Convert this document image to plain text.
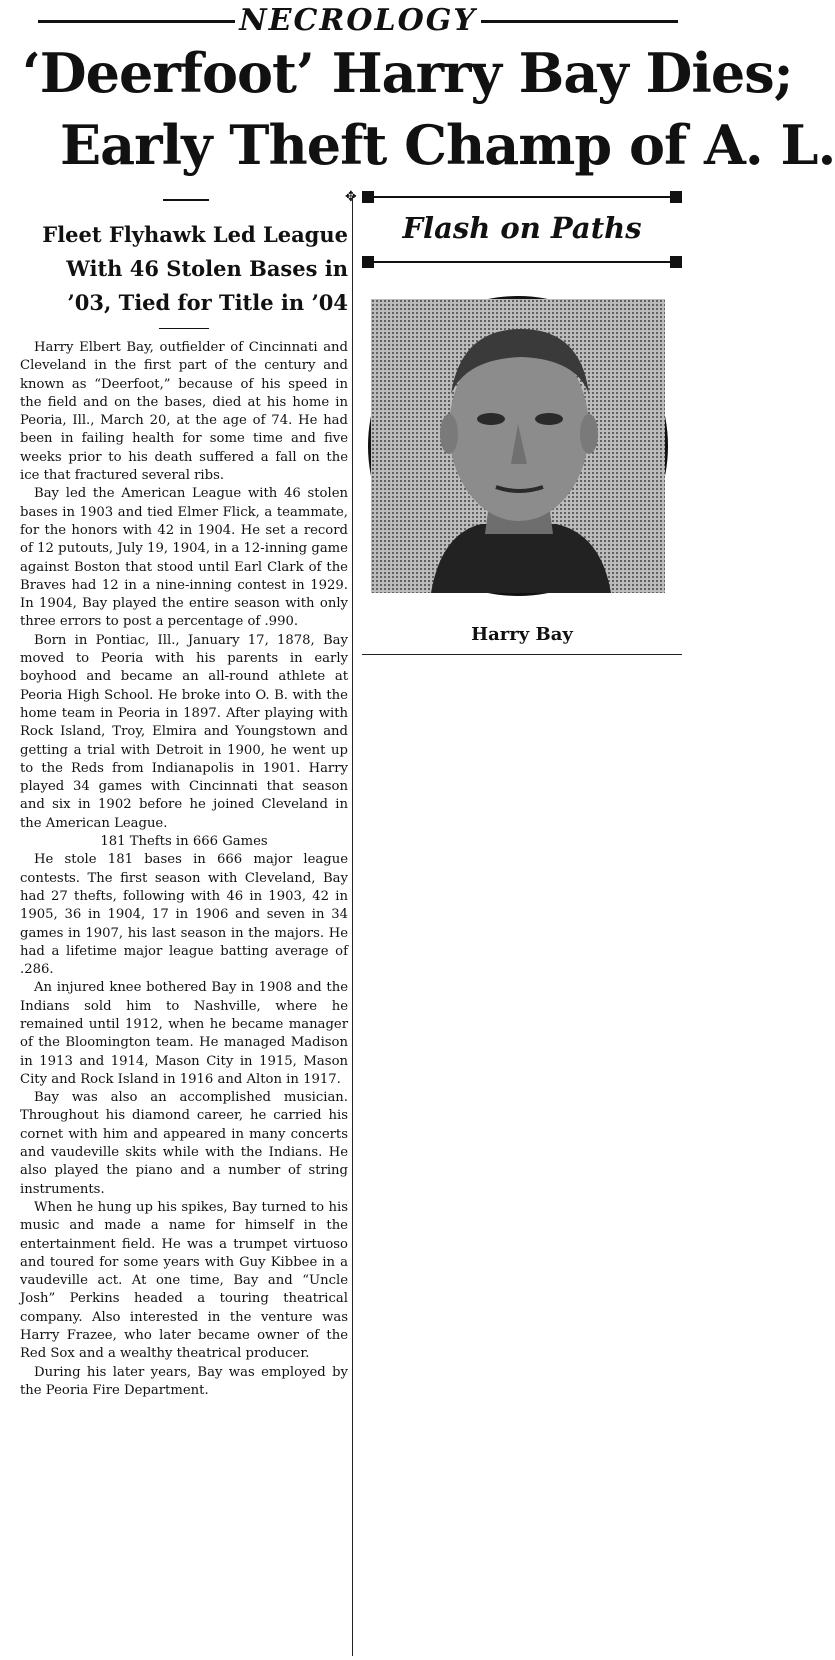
NECROLOGY
‘Deerfoot’ Harry Bay Dies;
Early Theft Champ of A. L.
✥
Fleet Flyhawk Led League
With 46 Stolen Bases in
’03, Tied for Title in ’04

Harry Elbert Bay, outfielder of Cincinnati and Cleveland in the first part of the century and known as “Deerfoot,” because of his speed in the field and on the bases, died at his home in Peoria, Ill., March 20, at the age of 74. He had been in failing health for some time and five weeks prior to his death suffered a fall on the ice that fractured several ribs.

Bay led the American League with 46 stolen bases in 1903 and tied Elmer Flick, a teammate, for the honors with 42 in 1904. He set a record of 12 putouts, July 19, 1904, in a 12-inning game against Boston that stood until Earl Clark of the Braves had 12 in a nine-inning contest in 1929. In 1904, Bay played the entire season with only three errors to post a percentage of .990.

Born in Pontiac, Ill., January 17, 1878, Bay moved to Peoria with his parents in early boyhood and became an all-round athlete at Peoria High School. He broke into O. B. with the home team in Peoria in 1897. After playing with Rock Island, Troy, Elmira and Youngstown and getting a trial with Detroit in 1900, he went up to the Reds from Indianapolis in 1901. Harry played 34 games with Cincinnati that season and six in 1902 before he joined Cleveland in the American League.

181 Thefts in 666 Games

He stole 181 bases in 666 major league contests. The first season with Cleveland, Bay had 27 thefts, following with 46 in 1903, 42 in 1905, 36 in 1904, 17 in 1906 and seven in 34 games in 1907, his last season in the majors. He had a lifetime major league batting average of .286.

An injured knee bothered Bay in 1908 and the Indians sold him to Nashville, where he remained until 1912, when he became manager of the Bloomington team. He managed Madison in 1913 and 1914, Mason City in 1915, Mason City and Rock Island in 1916 and Alton in 1917.

Bay was also an accomplished musician. Throughout his diamond career, he carried his cornet with him and appeared in many concerts and vaudeville skits while with the Indians. He also played the piano and a number of string instruments.

When he hung up his spikes, Bay turned to his music and made a name for himself in the entertainment field. He was a trumpet virtuoso and toured for some years with Guy Kibbee in a vaudeville act. At one time, Bay and “Uncle Josh” Perkins headed a touring theatrical company. Also interested in the venture was Harry Frazee, who later became owner of the Red Sox and a wealthy theatrical producer.

During his later years, Bay was employed by the Peoria Fire Department.

Flash on Paths
Harry Bay
